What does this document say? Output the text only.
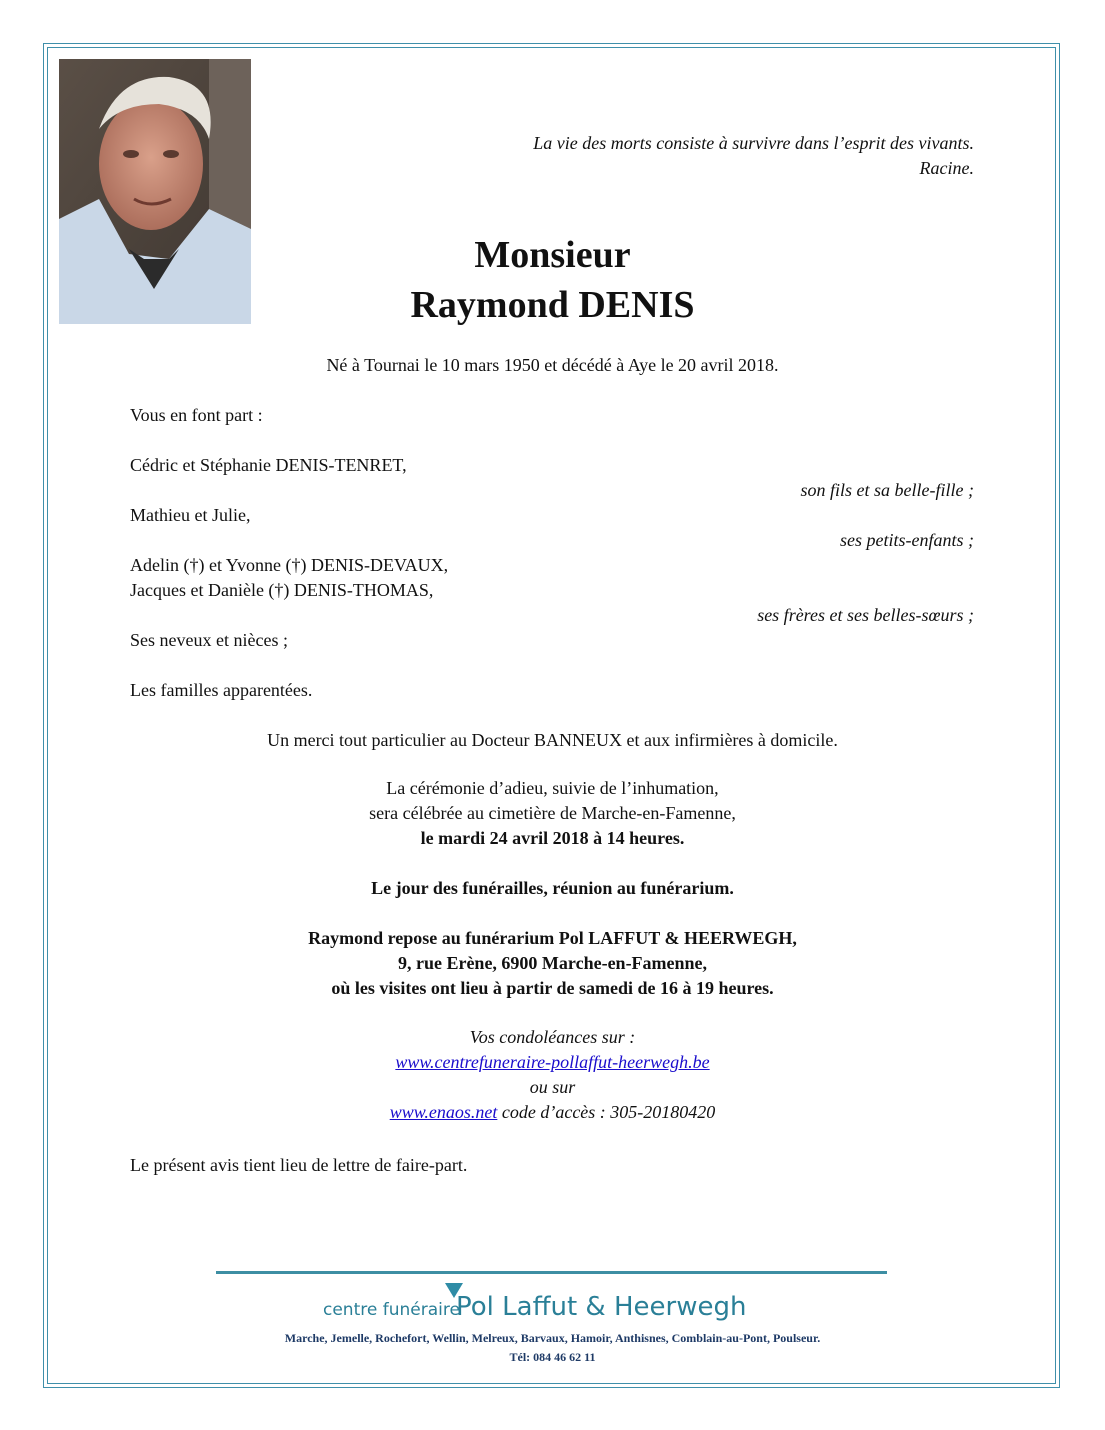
La vie des morts consiste à survivre dans l’esprit des vivants.
Racine.
Monsieur
Raymond DENIS
Né à Tournai le 10 mars 1950 et décédé à Aye le 20 avril 2018.
Vous en font part :
Cédric et Stéphanie DENIS-TENRET,
son fils et sa belle-fille ;
Mathieu et Julie,
ses petits-enfants ;
Adelin (†) et Yvonne (†) DENIS-DEVAUX,
Jacques et Danièle (†) DENIS-THOMAS,
ses frères et ses belles-sœurs ;
Ses neveux et nièces ;
Les familles apparentées.
Un merci tout particulier au Docteur BANNEUX et aux infirmières à domicile.
La cérémonie d’adieu, suivie de l’inhumation,
sera célébrée au cimetière de Marche-en-Famenne,
le mardi 24 avril 2018 à 14 heures.
Le jour des funérailles, réunion au funérarium.
Raymond repose au funérarium Pol LAFFUT & HEERWEGH,
9, rue Erène, 6900 Marche-en-Famenne,
où les visites ont lieu à partir de samedi de 16 à 19 heures.
Vos condoléances sur :
www.centrefuneraire-pollaffut-heerwegh.be
ou sur
www.enaos.net code d’accès : 305-20180420
Le présent avis tient lieu de lettre de faire-part.
centre funéraire
Pol Laffut & Heerwegh
Marche, Jemelle, Rochefort, Wellin, Melreux, Barvaux, Hamoir, Anthisnes, Comblain-au-Pont, Poulseur.
Tél: 084 46 62 11
